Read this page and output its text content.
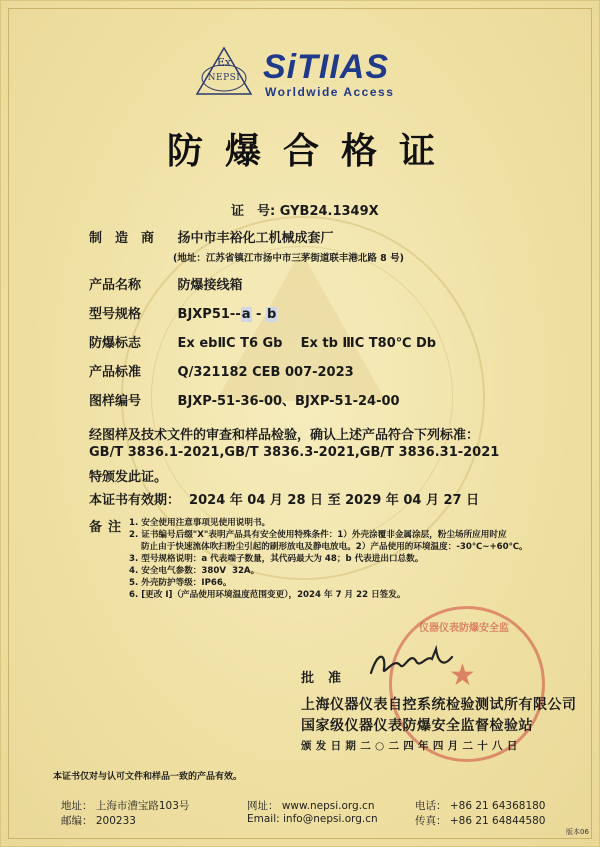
Ex
NEPSI SiTIIAS
Worldwide Access
防爆合格证
证　号: GYB24.1349X
制　造　商 扬中市丰裕化工机械成套厂
(地址：江苏省镇江市扬中市三茅街道联丰港北路 8 号)
产品名称	防爆接线箱
型号规格	BJXP51--a - b
防爆标志	Ex ebⅡC T6 Gb    Ex tb ⅢC T80℃ Db
产品标准	Q/321182 CEB 007-2023
图样编号	BJXP-51-36-00、BJXP-51-24-00
经图样及技术文件的审查和样品检验，确认上述产品符合下列标准：
GB/T 3836.1-2021,GB/T 3836.3-2021,GB/T 3836.31-2021
特颁发此证。
本证书有效期：  2024 年 04 月 28 日 至 2029 年 04 月 27 日
备注 1. 安全使用注意事项见使用说明书。
2. 证书编号后缀"X"表明产品具有安全使用特殊条件：1）外壳涂覆非金属涂层，粉尘场所应用时应
防止由于快速流体吹扫粉尘引起的刷形放电及静电放电。2）产品使用的环境温度：-30℃~+60℃。
3. 型号规格说明：a 代表端子数量，其代码最大为 48；b 代表进出口总数。
4. 安全电气参数：380V  32A。
5. 外壳防护等级：IP66。
6. [更改 I]（产品使用环境温度范围变更），2024 年 7 月 22 日签发。
仪器仪表防爆安全监
★
批准
上海仪器仪表自控系统检验测试所有限公司
国家级仪器仪表防爆安全监督检验站
颁发日期二○二四年四月二十八日
本证书仅对与认可文件和样品一致的产品有效。
地址： 上海市漕宝路103号
邮编： 200233
网址： www.nepsi.org.cn
Email: info@nepsi.org.cn
电话： +86 21 64368180
传真： +86 21 64844580
版本06
